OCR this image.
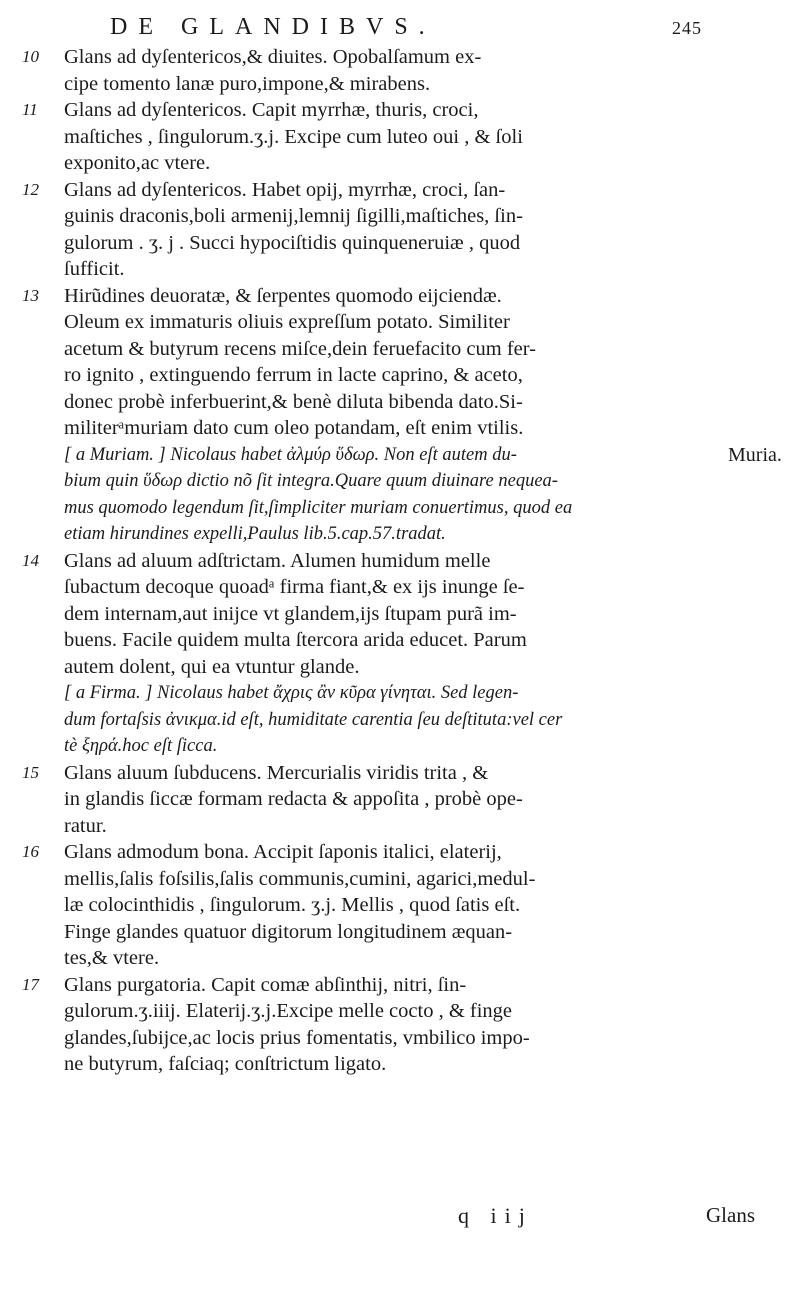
DE GLANDIBVS.	245
10	Glans ad dyſentericos,& diuites. Opobalſamum ex-
cipe tomento lanæ puro,impone,& mirabens.
11	Glans ad dyſentericos. Capit myrrhæ, thuris, croci,
maſtiches , ſingulorum.ʒ.j. Excipe cum luteo oui , & ſoli
exponito,ac vtere.
12	Glans ad dyſentericos. Habet opij, myrrhæ, croci, ſan-
guinis draconis,boli armenij,lemnij ſigilli,maſtiches, ſin-
gulorum . ʒ. j . Succi hypociſtidis quinqueneruiæ , quod
ſufficit.
13	Hirũdines deuoratæ, & ſerpentes quomodo eijciendæ.
Oleum ex immaturis oliuis expreſſum potato. Similiter
acetum & butyrum recens miſce,dein feruefacito cum fer-
ro ignito , extinguendo ferrum in lacte caprino, & aceto,
donec probè inferbuerint,& benè diluta bibenda dato.Si-
militerᵃmuriam dato cum oleo potandam, eſt enim vtilis.
[ a Muriam. ] Nicolaus habet ἀλμύρ ὕδωρ. Non eſt autem du-	Muria.
bium quin ὕδωρ dictio nõ ſit integra.Quare quum diuinare nequea-
mus quomodo legendum ſit,ſimpliciter muriam conuertimus, quod ea
etiam hirundines expelli,Paulus lib.5.cap.57.tradat.
14	Glans ad aluum adſtrictam. Alumen humidum melle
ſubactum decoque quoadᵃ firma fiant,& ex ijs inunge ſe-
dem internam,aut inijce vt glandem,ijs ſtupam purã im-
buens. Facile quidem multa ſtercora arida educet. Parum
autem dolent, qui ea vtuntur glande.
[ a Firma. ] Nicolaus habet ἄχρις ἂν κῦρα γίνηται. Sed legen-
dum fortaſsis ἀνικμα.id eſt, humiditate carentia ſeu deſtituta:vel cer
tè ξηρά.hoc eſt ſicca.
15	Glans aluum ſubducens. Mercurialis viridis trita , &
in glandis ſiccæ formam redacta & appoſita , probè ope-
ratur.
16	Glans admodum bona. Accipit ſaponis italici, elaterij,
mellis,ſalis foſsilis,ſalis communis,cumini, agarici,medul-
læ colocinthidis , ſingulorum. ʒ.j. Mellis , quod ſatis eſt.
Finge glandes quatuor digitorum longitudinem æquan-
tes,& vtere.
17	Glans purgatoria. Capit comæ abſinthij, nitri, ſin-
gulorum.ʒ.iiij. Elaterij.ʒ.j.Excipe melle cocto , & finge
glandes,ſubijce,ac locis prius fomentatis, vmbilico impo-
ne butyrum, faſciaq; conſtrictum ligato.
q iij	Glans
